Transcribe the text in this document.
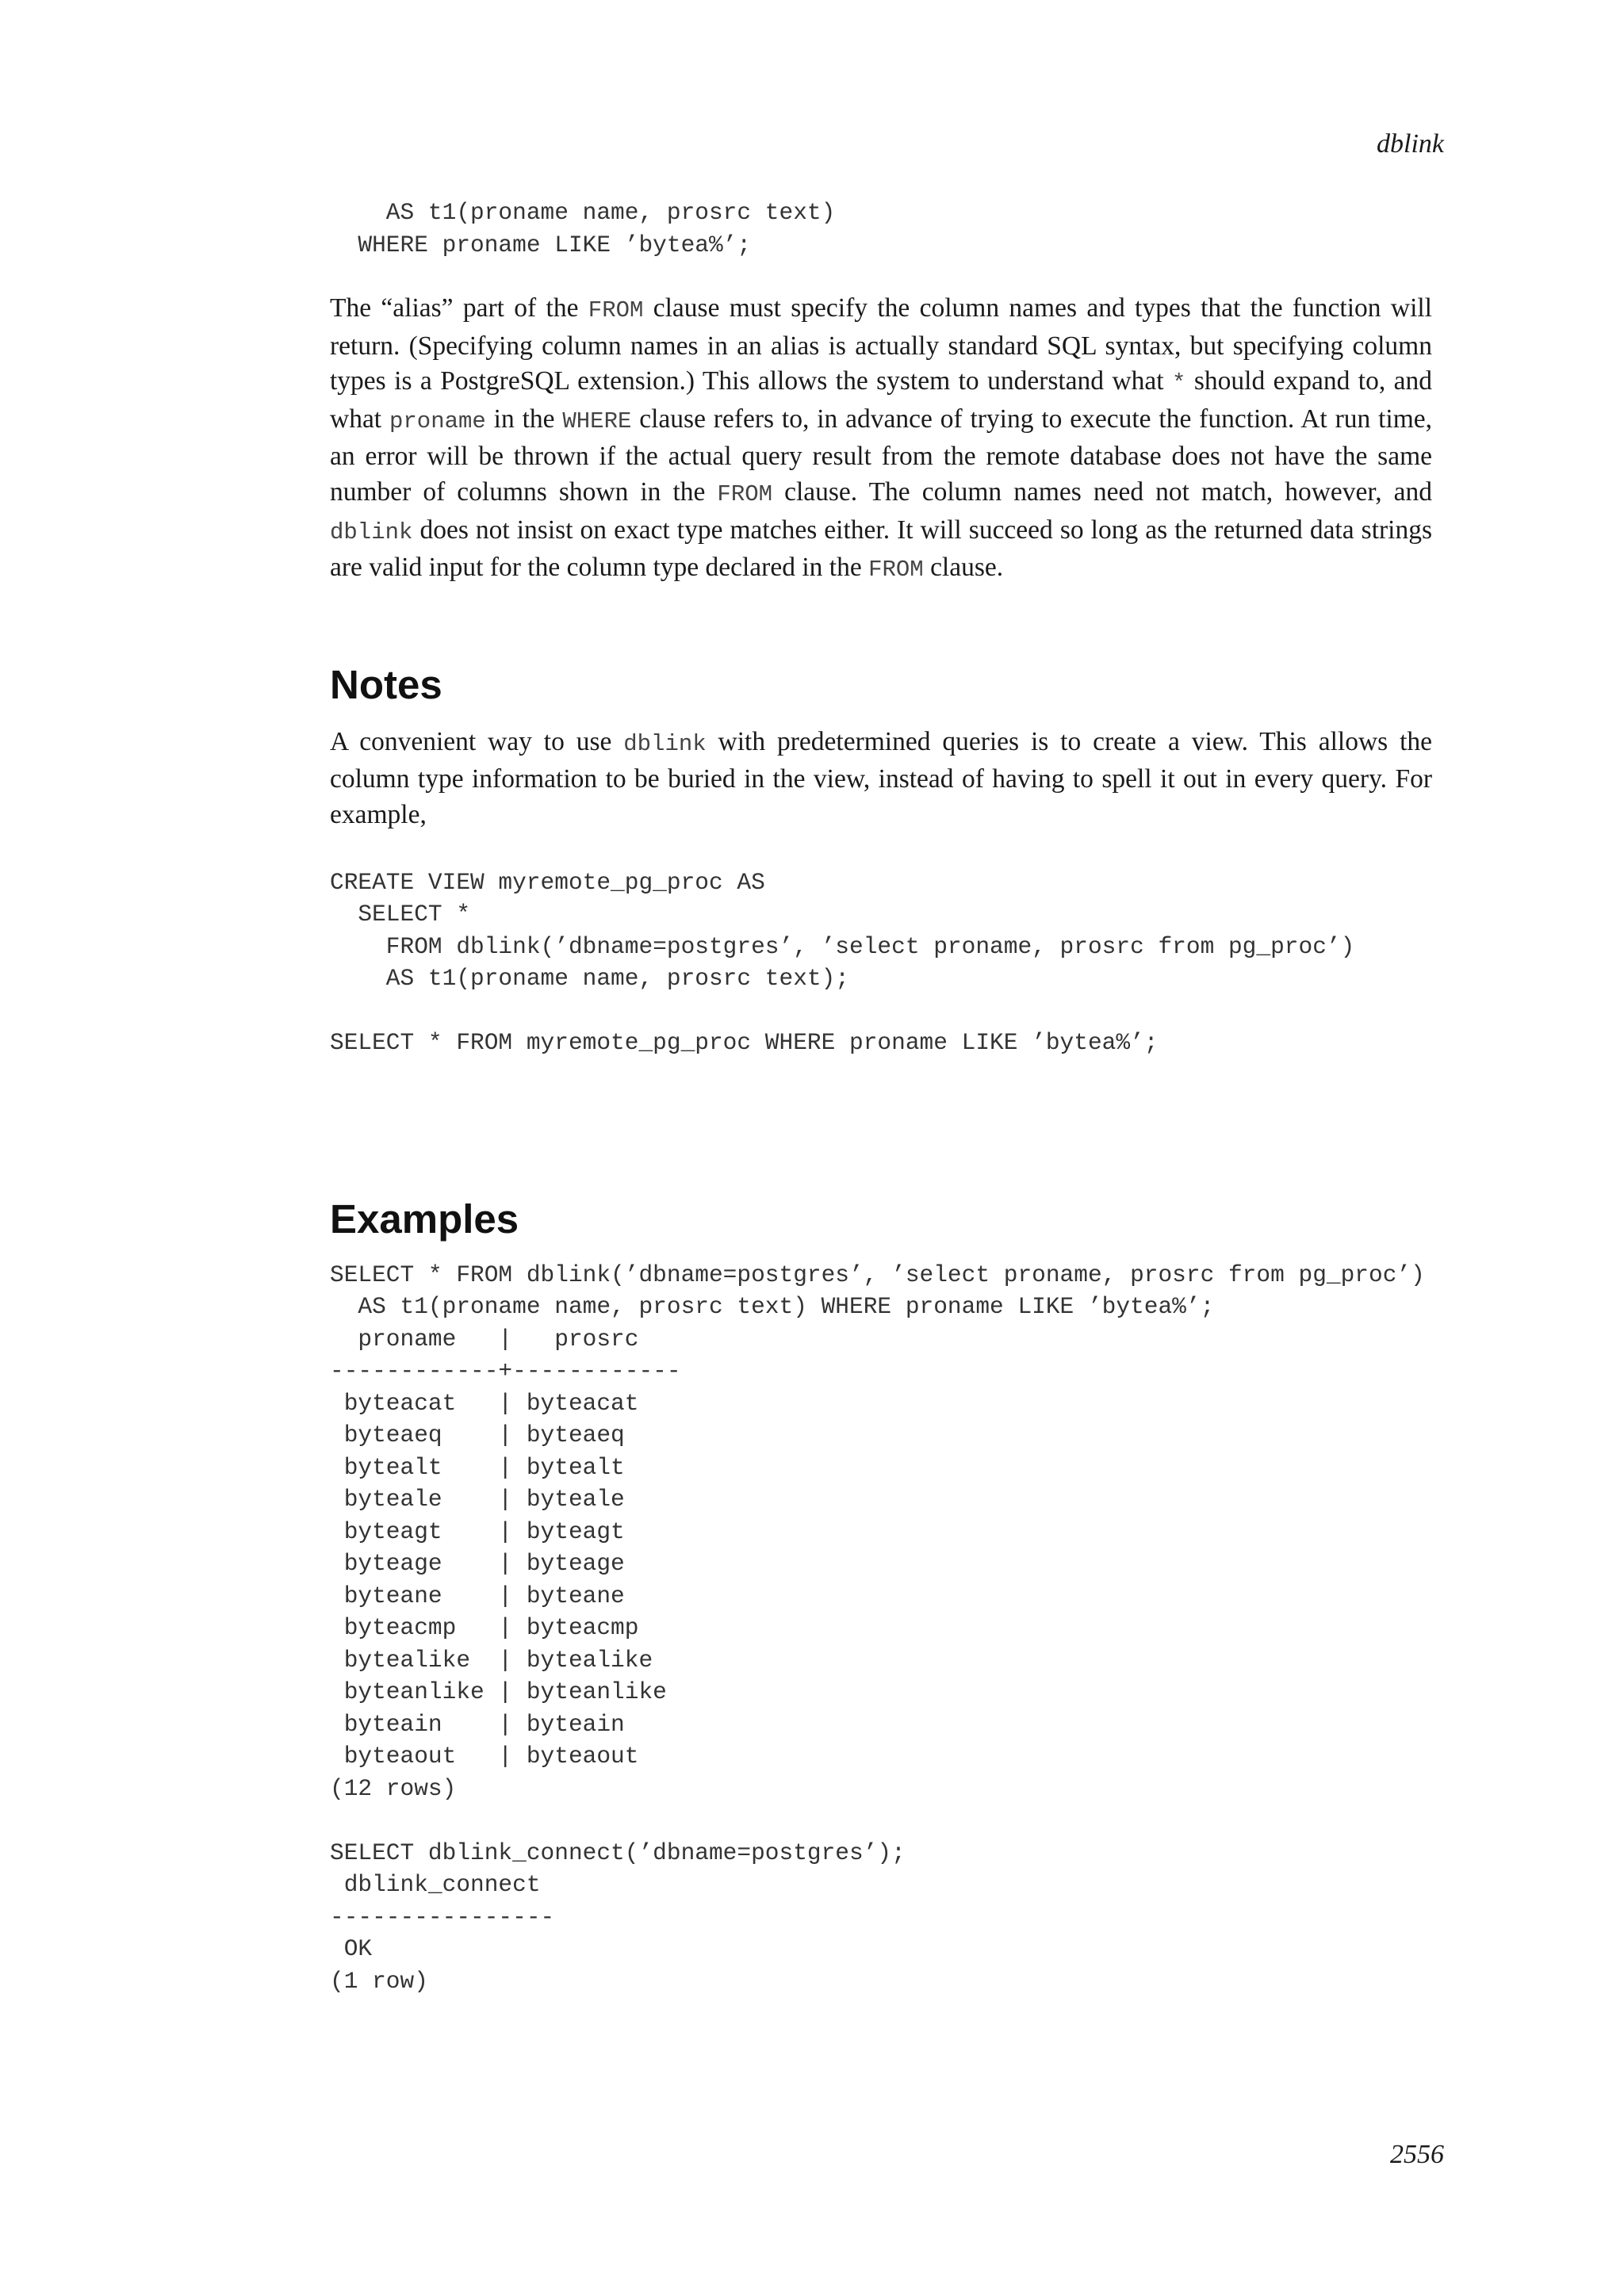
dblink
AS t1(proname name, prosrc text)
WHERE proname LIKE ’bytea%’;

The “alias” part of the FROM clause must specify the column names and types that the function will return. (Specifying column names in an alias is actually standard SQL syntax, but specifying column types is a PostgreSQL extension.) This allows the system to understand what * should expand to, and what proname in the WHERE clause refers to, in advance of trying to execute the function. At run time, an error will be thrown if the actual query result from the remote database does not have the same number of columns shown in the FROM clause. The column names need not match, however, and dblink does not insist on exact type matches either. It will succeed so long as the returned data strings are valid input for the column type declared in the FROM clause.

Notes

A convenient way to use dblink with predetermined queries is to create a view. This allows the column type information to be buried in the view, instead of having to spell it out in every query. For example,

CREATE VIEW myremote_pg_proc AS
SELECT *
FROM dblink(’dbname=postgres’, ’select proname, prosrc from pg_proc’)
AS t1(proname name, prosrc text);

SELECT * FROM myremote_pg_proc WHERE proname LIKE ’bytea%’;
Examples
SELECT * FROM dblink(’dbname=postgres’, ’select proname, prosrc from pg_proc’)
AS t1(proname name, prosrc text) WHERE proname LIKE ’bytea%’;
proname   |   prosrc
------------+------------
byteacat   | byteacat
byteaeq    | byteaeq
bytealt    | bytealt
byteale    | byteale
byteagt    | byteagt
byteage    | byteage
byteane    | byteane
byteacmp   | byteacmp
bytealike  | bytealike
byteanlike | byteanlike
byteain    | byteain
byteaout   | byteaout
(12 rows)

SELECT dblink_connect(’dbname=postgres’);
dblink_connect
----------------
OK
(1 row)
2556
